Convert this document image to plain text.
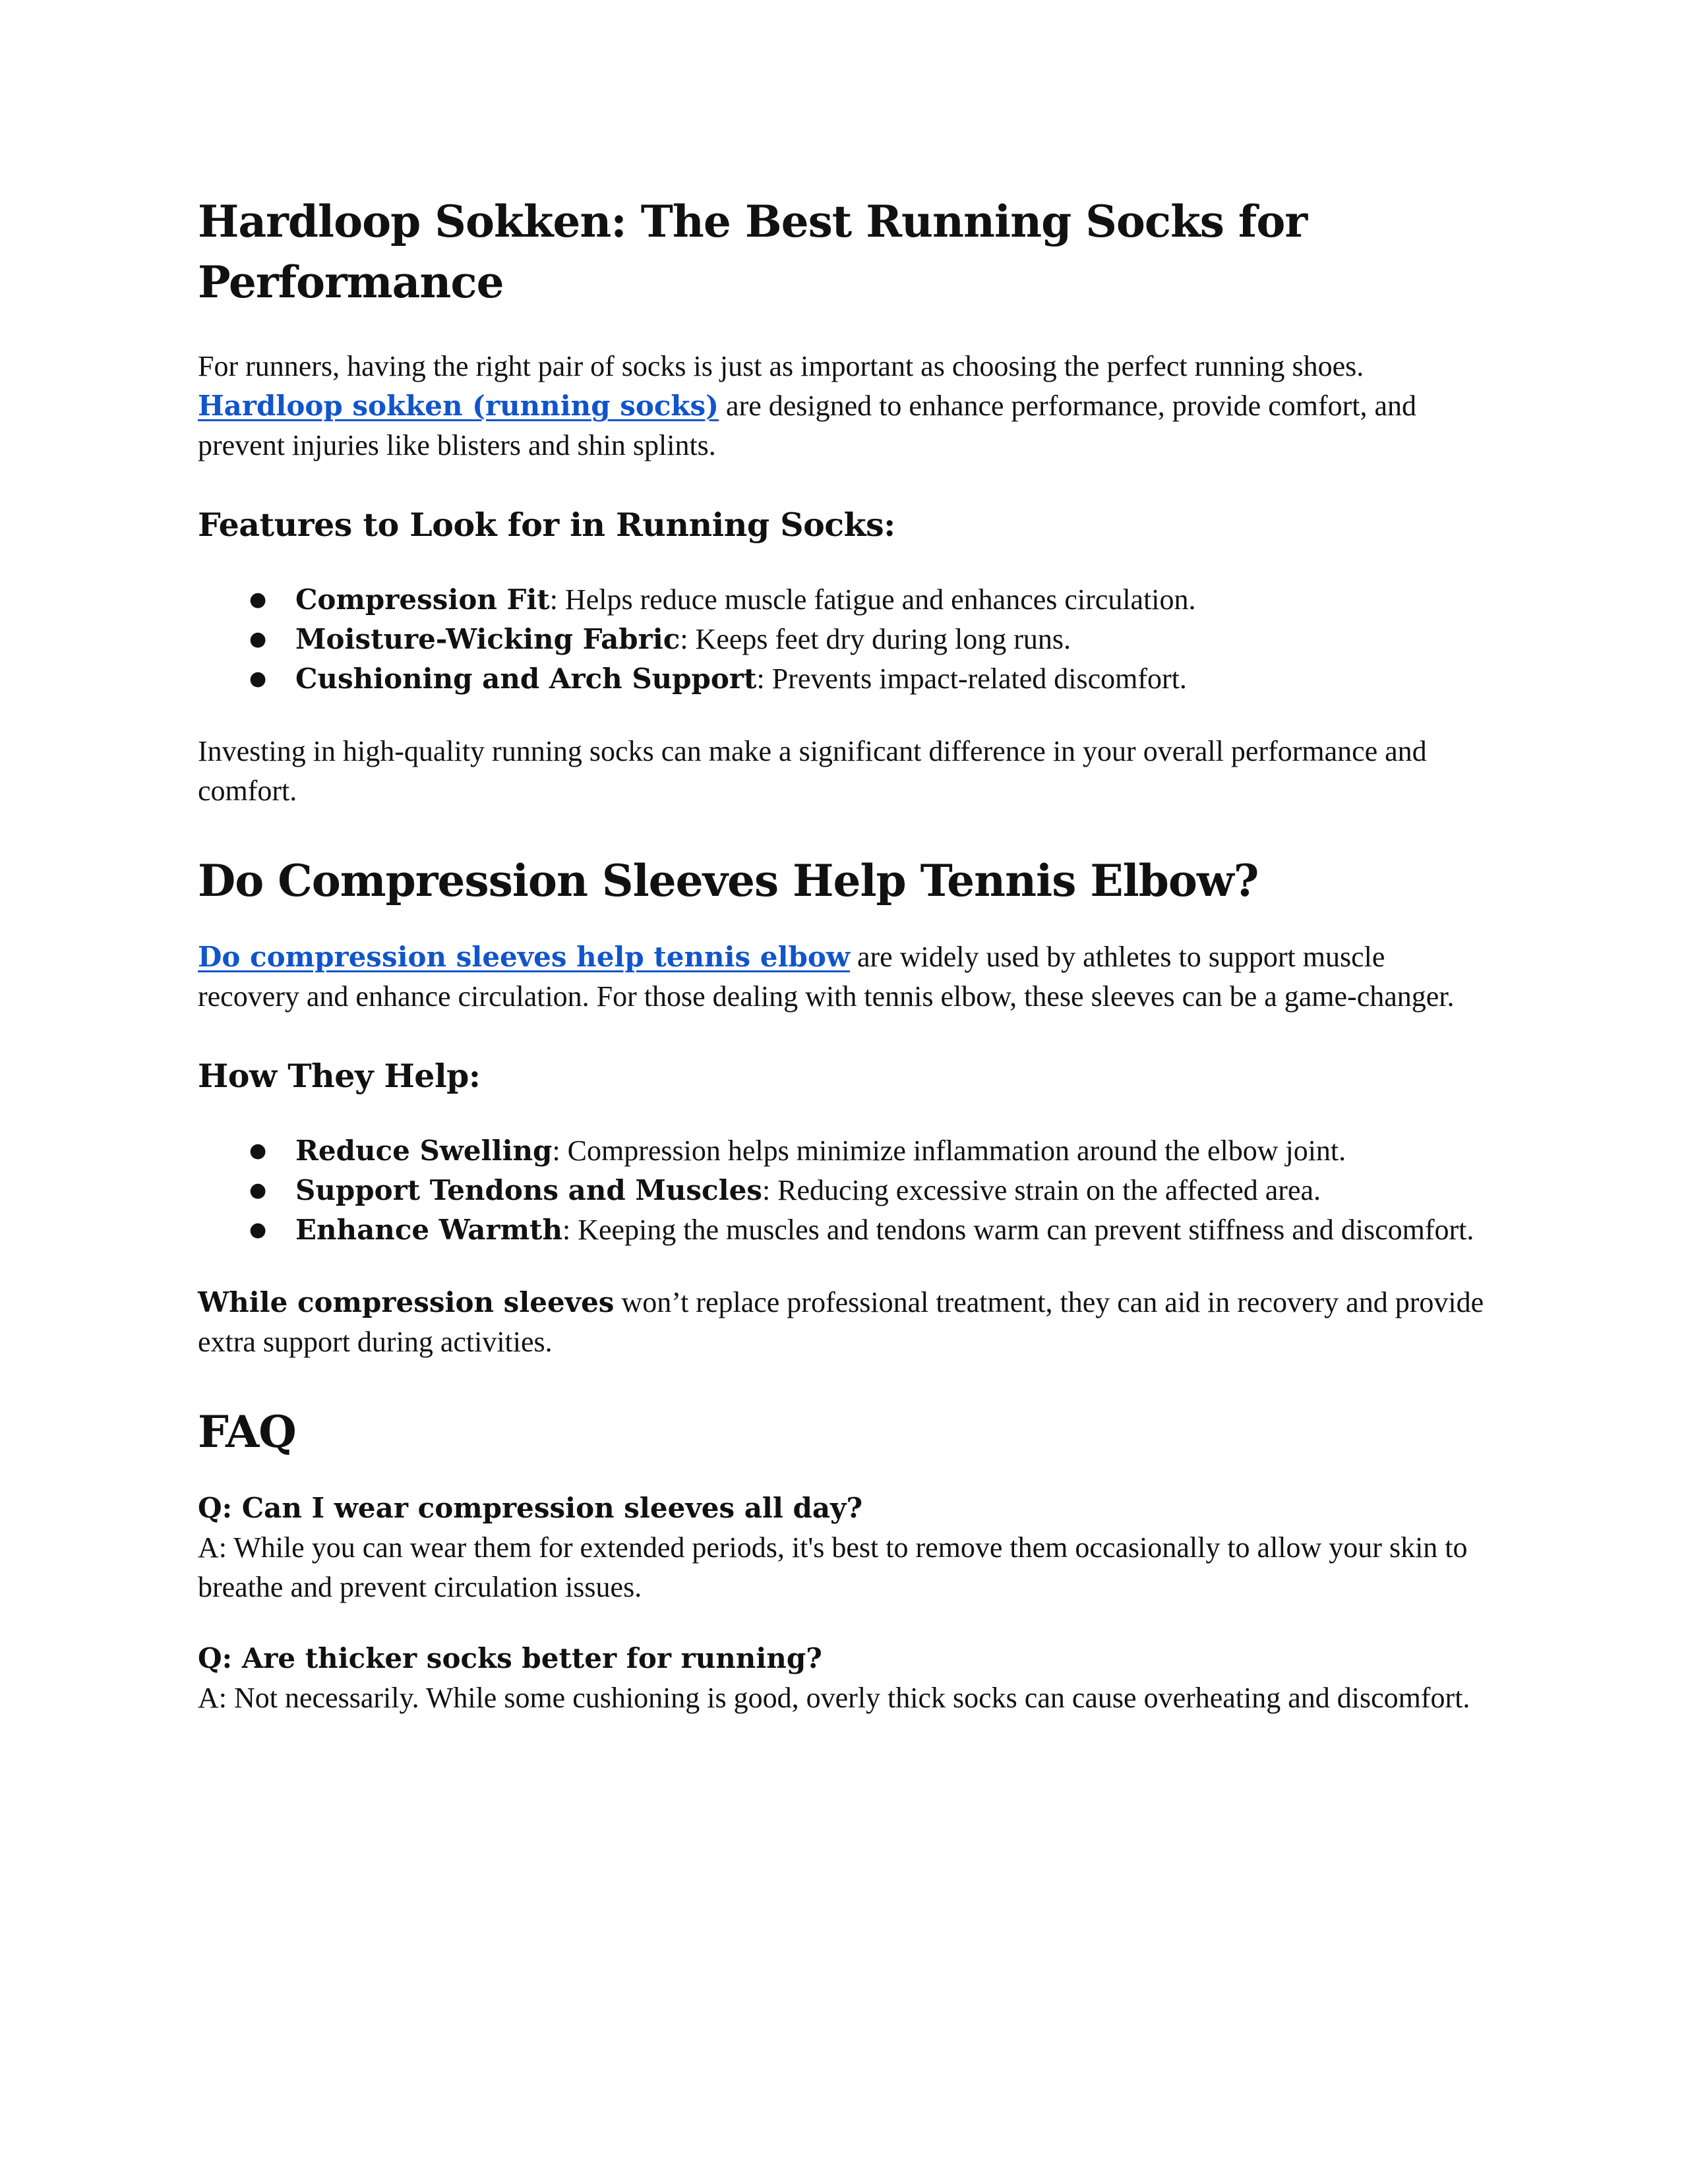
Hardloop Sokken: The Best Running Socks for Performance

For runners, having the right pair of socks is just as important as choosing the perfect running shoes. Hardloop sokken (running socks) are designed to enhance performance, provide comfort, and prevent injuries like blisters and shin splints.

Features to Look for in Running Socks:
● Compression Fit: Helps reduce muscle fatigue and enhances circulation.
● Moisture-Wicking Fabric: Keeps feet dry during long runs.
● Cushioning and Arch Support: Prevents impact-related discomfort.

Investing in high-quality running socks can make a significant difference in your overall performance and comfort.

Do Compression Sleeves Help Tennis Elbow?

Do compression sleeves help tennis elbow are widely used by athletes to support muscle recovery and enhance circulation. For those dealing with tennis elbow, these sleeves can be a game-changer.

How They Help:
● Reduce Swelling: Compression helps minimize inflammation around the elbow joint.
● Support Tendons and Muscles: Reducing excessive strain on the affected area.
● Enhance Warmth: Keeping the muscles and tendons warm can prevent stiffness and discomfort.

While compression sleeves won’t replace professional treatment, they can aid in recovery and provide extra support during activities.

FAQ
Q: Can I wear compression sleeves all day?
A: While you can wear them for extended periods, it's best to remove them occasionally to allow your skin to breathe and prevent circulation issues.
Q: Are thicker socks better for running?
A: Not necessarily. While some cushioning is good, overly thick socks can cause overheating and discomfort.
